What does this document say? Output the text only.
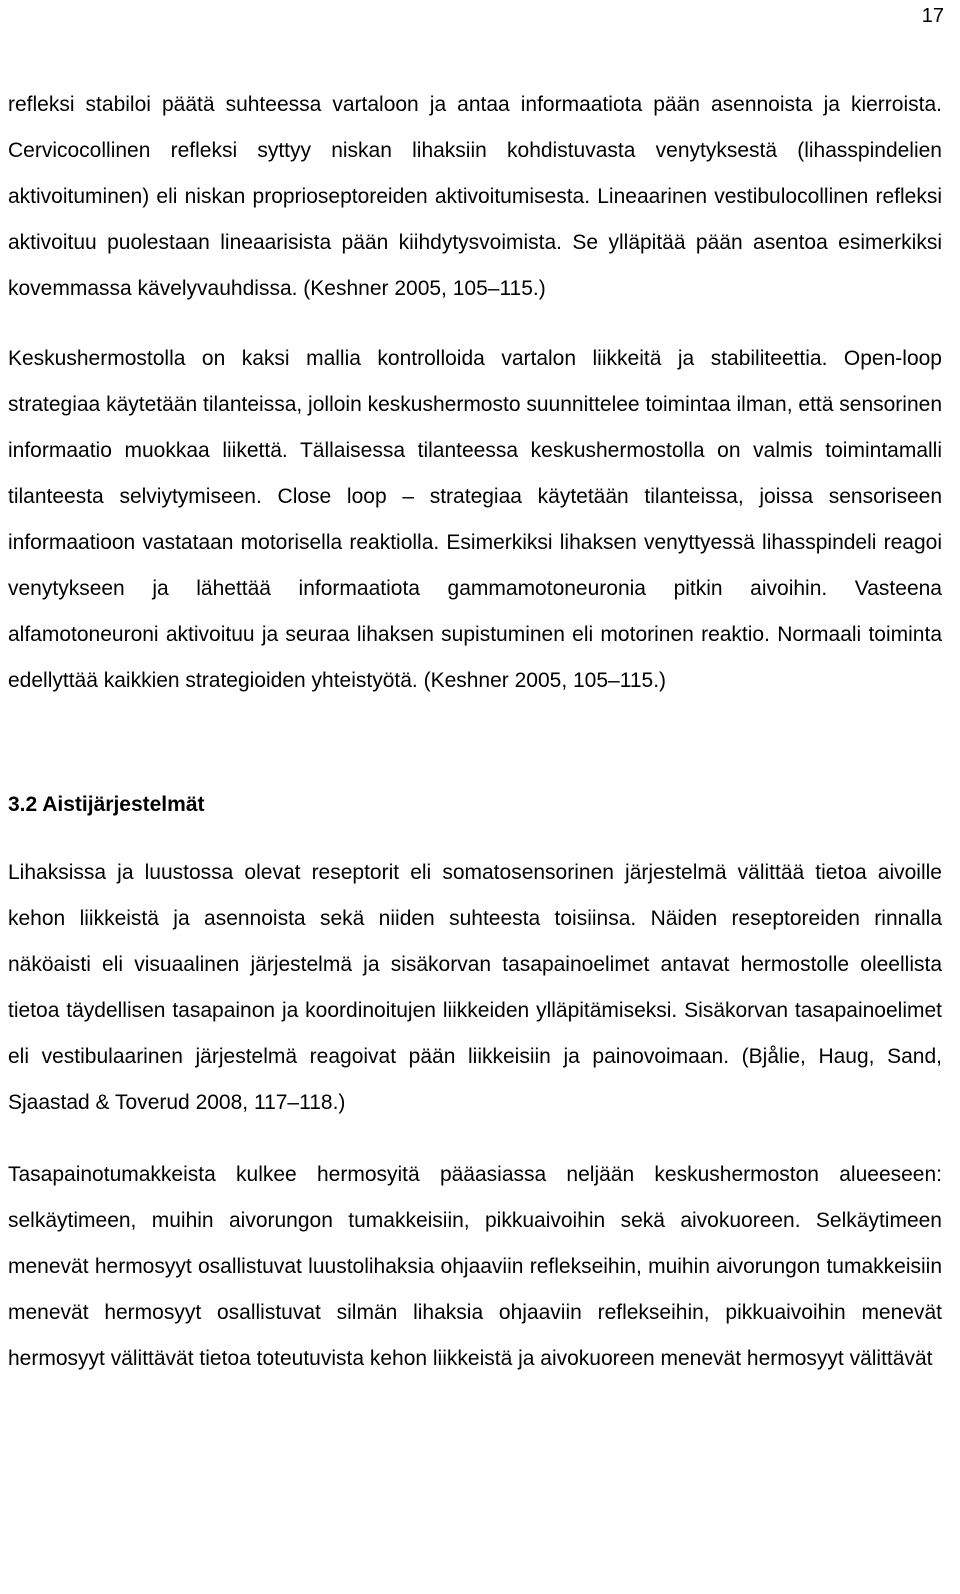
17

refleksi stabiloi päätä suhteessa vartaloon ja antaa informaatiota pään asennoista ja kierroista. Cervicocollinen refleksi syttyy niskan lihaksiin kohdistuvasta venytyksestä (lihasspindelien aktivoituminen) eli niskan proprioseptoreiden aktivoitumisesta. Lineaarinen vestibulocollinen refleksi aktivoituu puolestaan lineaarisista pään kiihdytysvoimista. Se ylläpitää pään asentoa esimerkiksi kovemmassa kävelyvauhdissa. (Keshner 2005, 105–115.)

Keskushermostolla on kaksi mallia kontrolloida vartalon liikkeitä ja stabiliteettia. Open-loop strategiaa käytetään tilanteissa, jolloin keskushermosto suunnittelee toimintaa ilman, että sensorinen informaatio muokkaa liikettä. Tällaisessa tilanteessa keskushermostolla on valmis toimintamalli tilanteesta selviytymiseen. Close loop – strategiaa käytetään tilanteissa, joissa sensoriseen informaatioon vastataan motorisella reaktiolla. Esimerkiksi lihaksen venyttyessä lihasspindeli reagoi venytykseen ja lähettää informaatiota gammamotoneuronia pitkin aivoihin. Vasteena alfamotoneuroni aktivoituu ja seuraa lihaksen supistuminen eli motorinen reaktio. Normaali toiminta edellyttää kaikkien strategioiden yhteistyötä. (Keshner 2005, 105–115.)

3.2 Aistijärjestelmät

Lihaksissa ja luustossa olevat reseptorit eli somatosensorinen järjestelmä välittää tietoa aivoille kehon liikkeistä ja asennoista sekä niiden suhteesta toisiinsa. Näiden reseptoreiden rinnalla näköaisti eli visuaalinen järjestelmä ja sisäkorvan tasapainoelimet antavat hermostolle oleellista tietoa täydellisen tasapainon ja koordinoitujen liikkeiden ylläpitämiseksi. Sisäkorvan tasapainoelimet eli vestibulaarinen järjestelmä reagoivat pään liikkeisiin ja painovoimaan. (Bjålie, Haug, Sand, Sjaastad & Toverud 2008, 117–118.)

Tasapainotumakkeista kulkee hermosyitä pääasiassa neljään keskushermoston alueeseen: selkäytimeen, muihin aivorungon tumakkeisiin, pikkuaivoihin sekä aivokuoreen. Selkäytimeen menevät hermosyyt osallistuvat luustolihaksia ohjaaviin reflekseihin, muihin aivorungon tumakkeisiin menevät hermosyyt osallistuvat silmän lihaksia ohjaaviin reflekseihin, pikkuaivoihin menevät hermosyyt välittävät tietoa toteutuvista kehon liikkeistä ja aivokuoreen menevät hermosyyt välittävät
